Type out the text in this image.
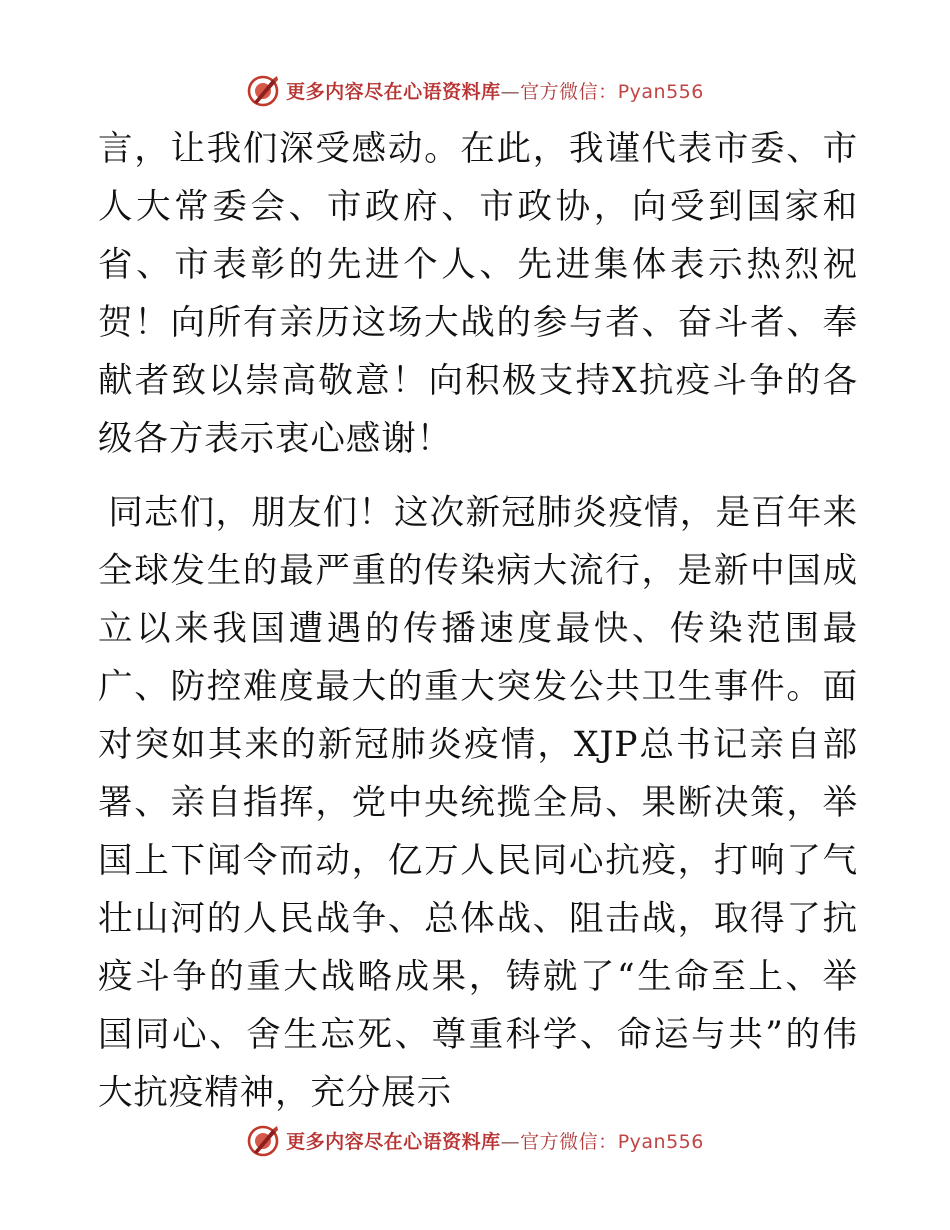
更多内容尽在心语资料库—官方微信：Pyan556

言，让我们深受感动。在此，我谨代表市委、市人大常委会、市政府、市政协，向受到国家和省、市表彰的先进个人、先进集体表示热烈祝贺！向所有亲历这场大战的参与者、奋斗者、奉献者致以崇高敬意！向积极支持X抗疫斗争的各级各方表示衷心感谢！

同志们，朋友们！这次新冠肺炎疫情，是百年来全球发生的最严重的传染病大流行，是新中国成立以来我国遭遇的传播速度最快、传染范围最广、防控难度最大的重大突发公共卫生事件。面对突如其来的新冠肺炎疫情，XJP总书记亲自部署、亲自指挥，党中央统揽全局、果断决策，举国上下闻令而动，亿万人民同心抗疫，打响了气壮山河的人民战争、总体战、阻击战，取得了抗疫斗争的重大战略成果，铸就了“生命至上、举国同心、舍生忘死、尊重科学、命运与共”的伟大抗疫精神，充分展示

更多内容尽在心语资料库—官方微信：Pyan556
